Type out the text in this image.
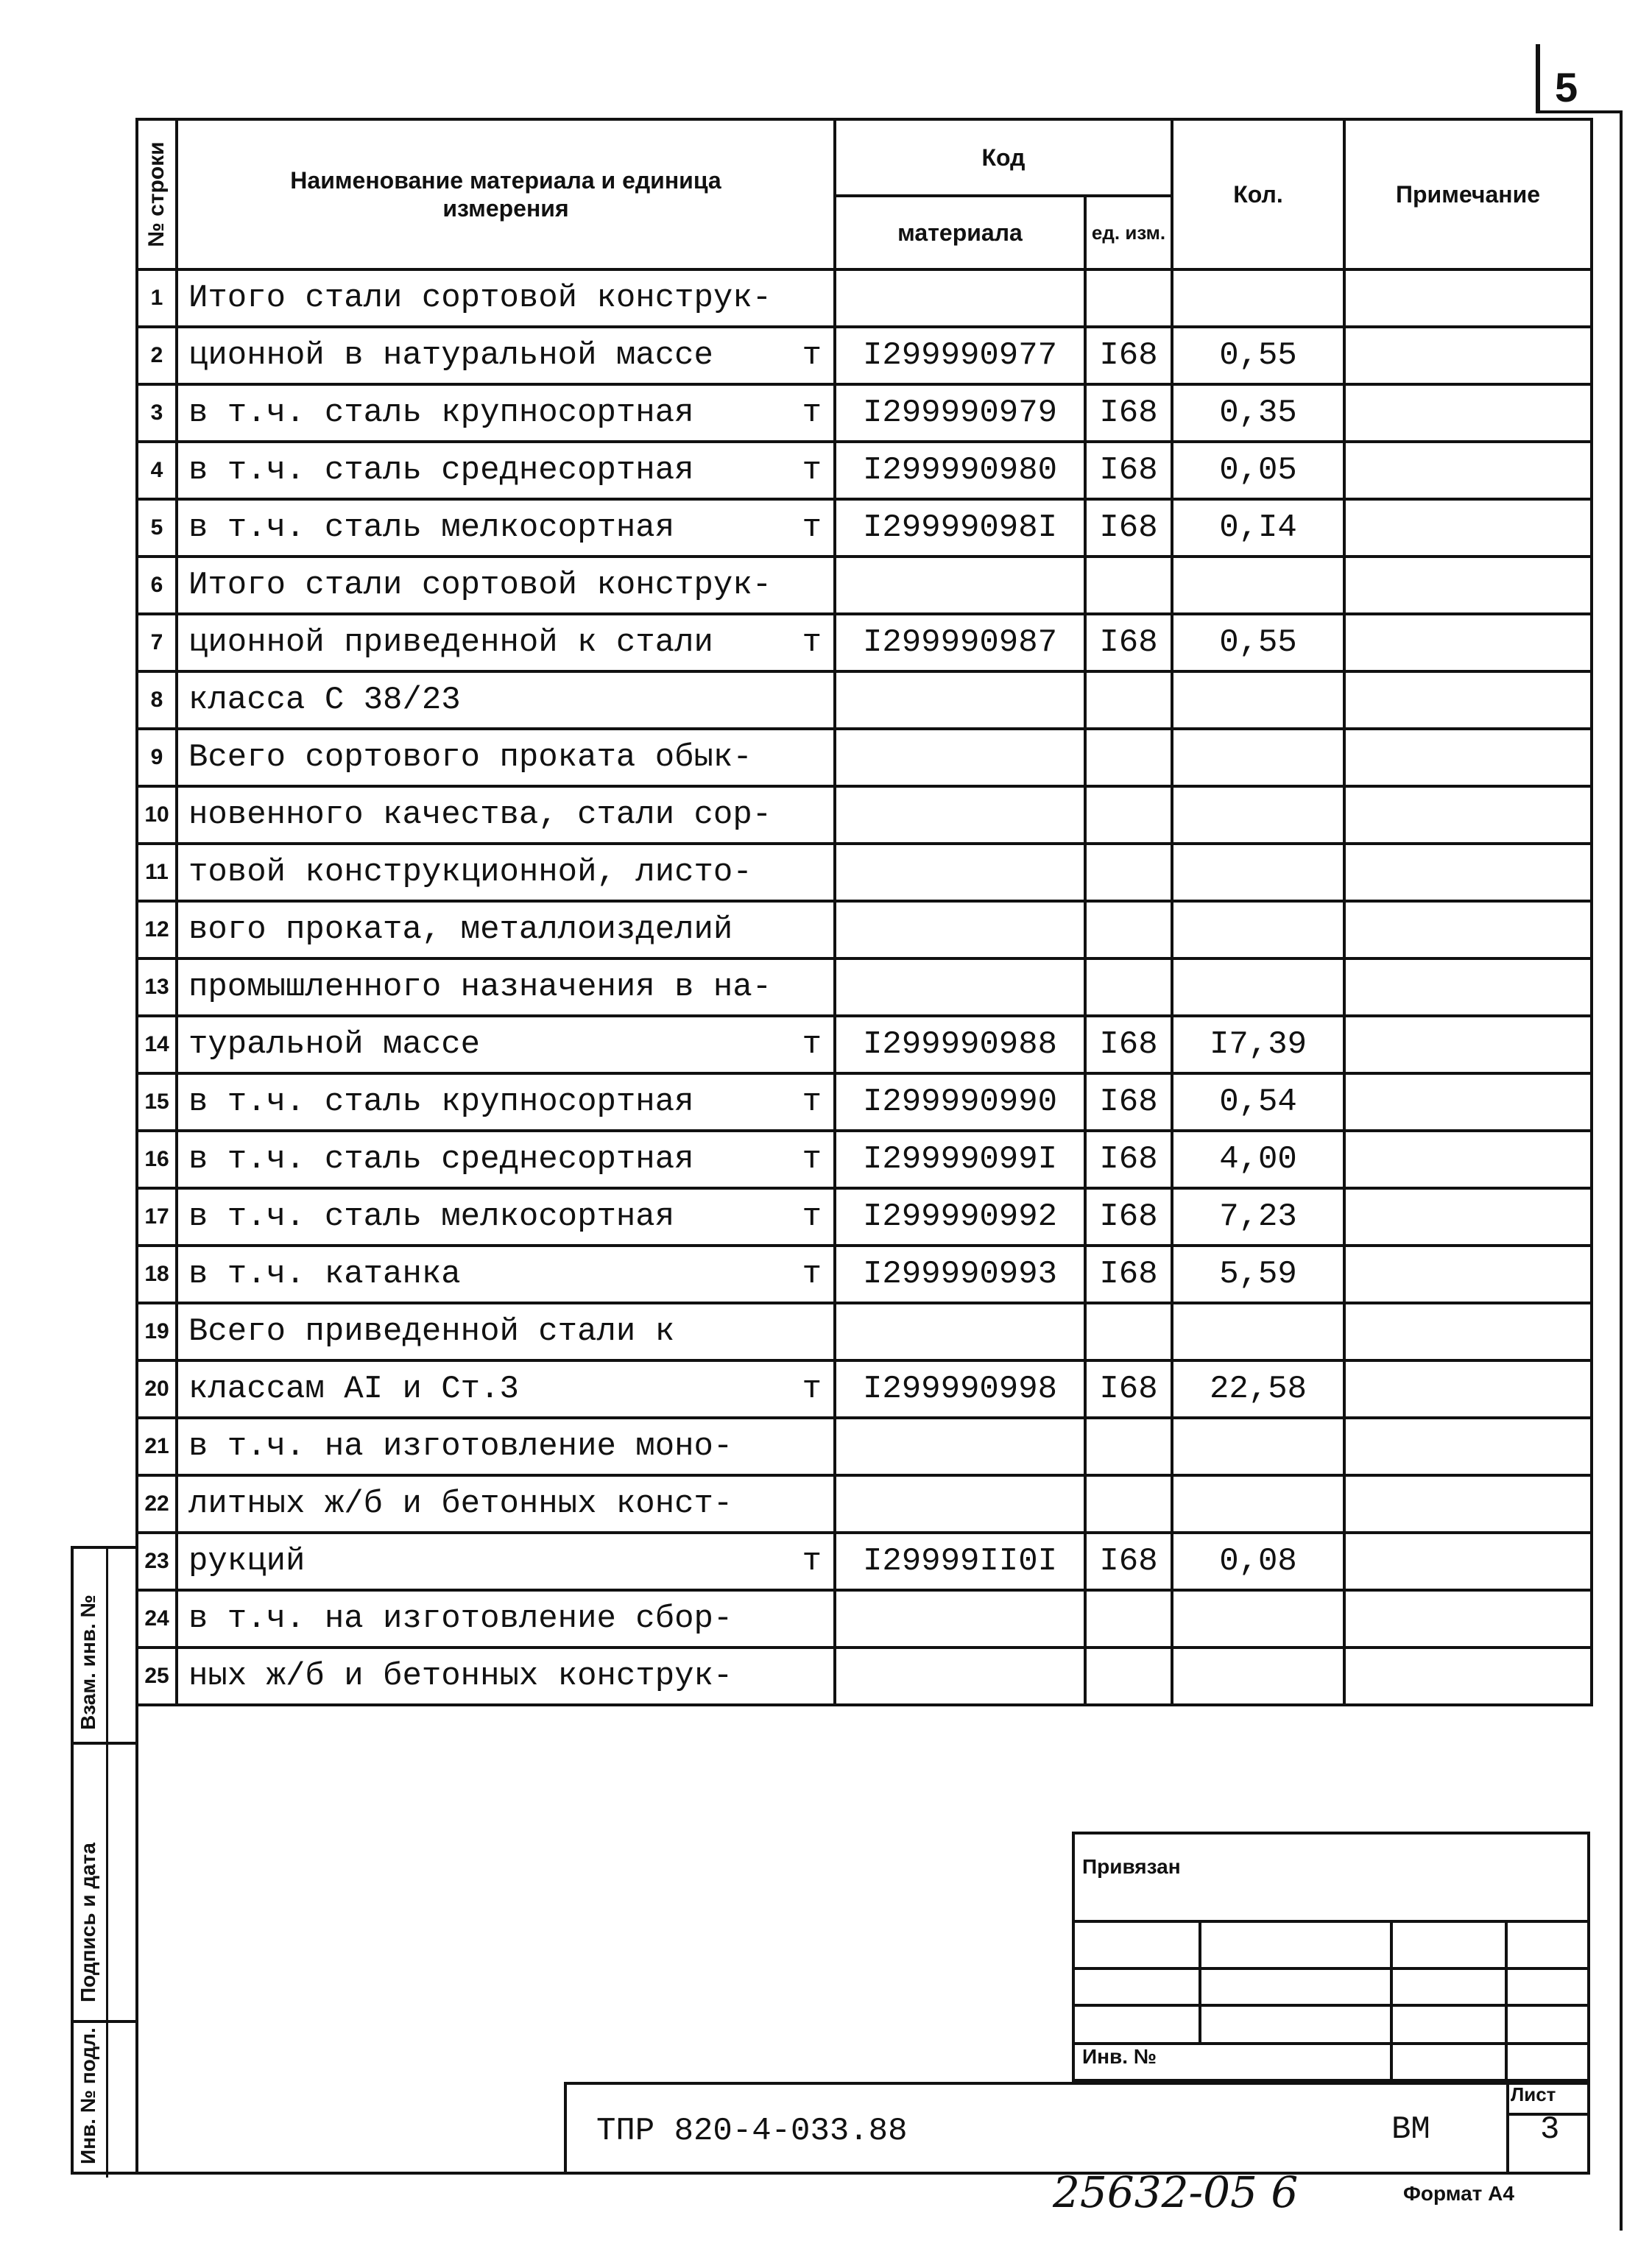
5
№ строки	Наименование материала и единица измерения	Код		Кол.	Примечание
		материала	ед. изм.		
1	Итого стали сортовой конструк-				

2	ционной в натуральной массе т	I299990977	I68	0,55	
3	в т.ч. сталь крупносортная т	I299990979	I68	0,35	
4	в т.ч. сталь среднесортная т	I299990980	I68	0,05	
5	в т.ч. сталь мелкосортная т	I29999098I	I68	0,I4	
6	Итого стали сортовой конструк-				

7	ционной приведенной к стали т	I299990987	I68	0,55	
8	класса С 38/23				

9	Всего сортового проката обык-				

10	новенного качества, стали сор-				

11	товой конструкционной, листо-				

12	вого проката, металлоизделий				

13	промышленного назначения в на-				

14	туральной массе т	I299990988	I68	I7,39	
15	в т.ч. сталь крупносортная т	I299990990	I68	0,54	
16	в т.ч. сталь среднесортная т	I29999099I	I68	4,00	
17	в т.ч. сталь мелкосортная т	I299990992	I68	7,23	
18	в т.ч. катанка т	I299990993	I68	5,59	
19	Всего приведенной стали к				

20	классам АI и Ст.3 т	I299990998	I68	22,58	
21	в т.ч. на изготовление моно-				

22	литных ж/б и бетонных конст-				

23	рукций т	I29999II0I	I68	0,08	
24	в т.ч. на изготовление сбор-				

25	ных ж/б и бетонных конструк-				

Взам. инв. №
Подпись и дата
Инв. № подл.
Привязан
Инв. №
ТПР 820-4-033.88	ВМ
Лист
3
25632-05 6	Формат А4
